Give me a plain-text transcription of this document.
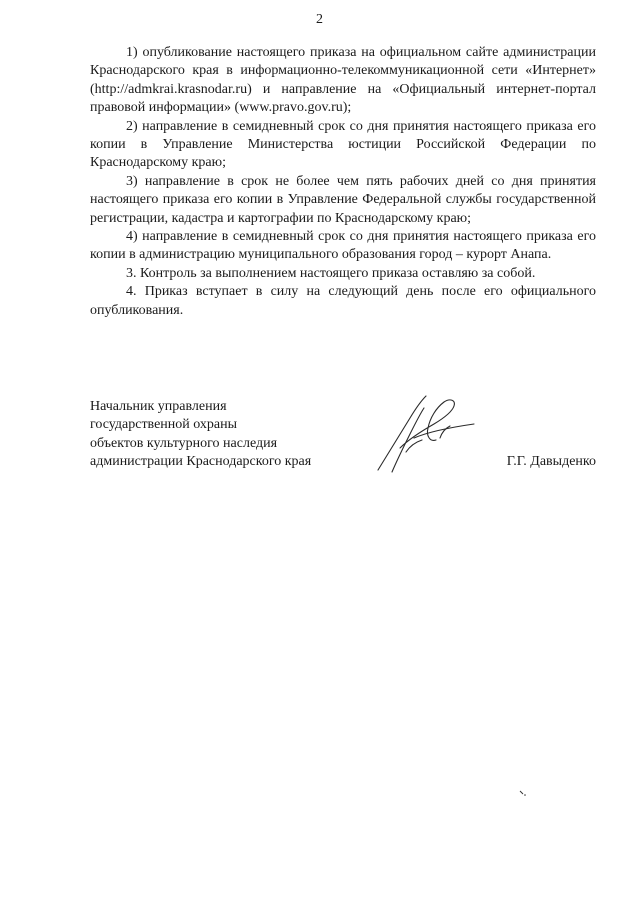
2

1) опубликование настоящего приказа на официальном сайте администрации Краснодарского края в информационно-телекоммуникационной сети «Интернет» (http://admkrai.krasnodar.ru) и направление на «Официальный интернет-портал правовой информации» (www.pravo.gov.ru);

2) направление в семидневный срок со дня принятия настоящего приказа его копии в Управление Министерства юстиции Российской Федерации по Краснодарскому краю;

3) направление в срок не более чем пять рабочих дней со дня принятия настоящего приказа его копии в Управление Федеральной службы государственной регистрации, кадастра и картографии по Краснодарскому краю;

4) направление в семидневный срок со дня принятия настоящего приказа его копии в администрацию муниципального образования город – курорт Анапа.

3. Контроль за выполнением настоящего приказа оставляю за собой.

4. Приказ вступает в силу на следующий день после его официального опубликования.

Начальник управления
государственной охраны
объектов культурного наследия
администрации Краснодарского края	Г.Г. Давыденко
